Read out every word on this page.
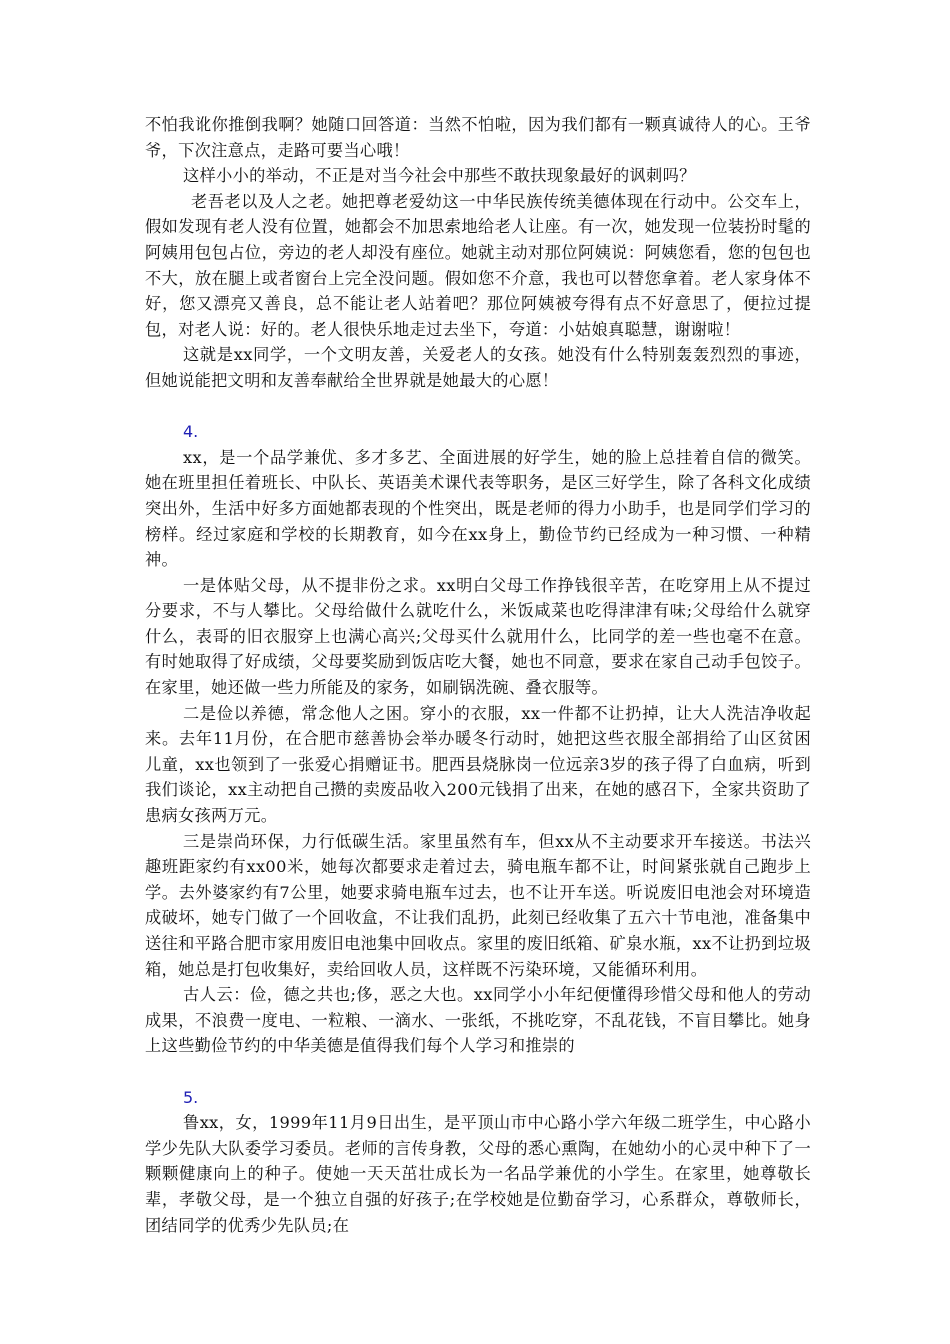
不怕我讹你推倒我啊？她随口回答道：当然不怕啦，因为我们都有一颗真诚待人的心。王爷爷，下次注意点，走路可要当心哦！

这样小小的举动，不正是对当今社会中那些不敢扶现象最好的讽刺吗？

老吾老以及人之老。她把尊老爱幼这一中华民族传统美德体现在行动中。公交车上，假如发现有老人没有位置，她都会不加思索地给老人让座。有一次，她发现一位装扮时髦的阿姨用包包占位，旁边的老人却没有座位。她就主动对那位阿姨说：阿姨您看，您的包包也不大，放在腿上或者窗台上完全没问题。假如您不介意，我也可以替您拿着。老人家身体不好，您又漂亮又善良，总不能让老人站着吧？那位阿姨被夸得有点不好意思了，便拉过提包，对老人说：好的。老人很快乐地走过去坐下，夸道：小姑娘真聪慧，谢谢啦！

这就是xx同学，一个文明友善，关爱老人的女孩。她没有什么特别轰轰烈烈的事迹，但她说能把文明和友善奉献给全世界就是她最大的心愿！

4.

xx，是一个品学兼优、多才多艺、全面进展的好学生，她的脸上总挂着自信的微笑。她在班里担任着班长、中队长、英语美术课代表等职务，是区三好学生，除了各科文化成绩突出外，生活中好多方面她都表现的个性突出，既是老师的得力小助手，也是同学们学习的榜样。经过家庭和学校的长期教育，如今在xx身上，勤俭节约已经成为一种习惯、一种精神。

一是体贴父母，从不提非份之求。xx明白父母工作挣钱很辛苦，在吃穿用上从不提过分要求，不与人攀比。父母给做什么就吃什么，米饭咸菜也吃得津津有味;父母给什么就穿什么，表哥的旧衣服穿上也满心高兴;父母买什么就用什么，比同学的差一些也毫不在意。有时她取得了好成绩，父母要奖励到饭店吃大餐，她也不同意，要求在家自己动手包饺子。在家里，她还做一些力所能及的家务，如刷锅洗碗、叠衣服等。

二是俭以养德，常念他人之困。穿小的衣服，xx一件都不让扔掉，让大人洗洁净收起来。去年11月份，在合肥市慈善协会举办暖冬行动时，她把这些衣服全部捐给了山区贫困儿童，xx也领到了一张爱心捐赠证书。肥西县烧脉岗一位远亲3岁的孩子得了白血病，听到我们谈论，xx主动把自己攒的卖废品收入200元钱捐了出来，在她的感召下，全家共资助了患病女孩两万元。

三是崇尚环保，力行低碳生活。家里虽然有车，但xx从不主动要求开车接送。书法兴趣班距家约有xx00米，她每次都要求走着过去，骑电瓶车都不让，时间紧张就自己跑步上学。去外婆家约有7公里，她要求骑电瓶车过去，也不让开车送。听说废旧电池会对环境造成破坏，她专门做了一个回收盒，不让我们乱扔，此刻已经收集了五六十节电池，准备集中送往和平路合肥市家用废旧电池集中回收点。家里的废旧纸箱、矿泉水瓶，xx不让扔到垃圾箱，她总是打包收集好，卖给回收人员，这样既不污染环境，又能循环利用。

古人云：俭，德之共也;侈，恶之大也。xx同学小小年纪便懂得珍惜父母和他人的劳动成果，不浪费一度电、一粒粮、一滴水、一张纸，不挑吃穿，不乱花钱，不盲目攀比。她身上这些勤俭节约的中华美德是值得我们每个人学习和推崇的

5.

鲁xx，女，1999年11月9日出生，是平顶山市中心路小学六年级二班学生，中心路小学少先队大队委学习委员。老师的言传身教，父母的悉心熏陶，在她幼小的心灵中种下了一颗颗健康向上的种子。使她一天天茁壮成长为一名品学兼优的小学生。在家里，她尊敬长辈，孝敬父母，是一个独立自强的好孩子;在学校她是位勤奋学习，心系群众，尊敬师长，团结同学的优秀少先队员;在
